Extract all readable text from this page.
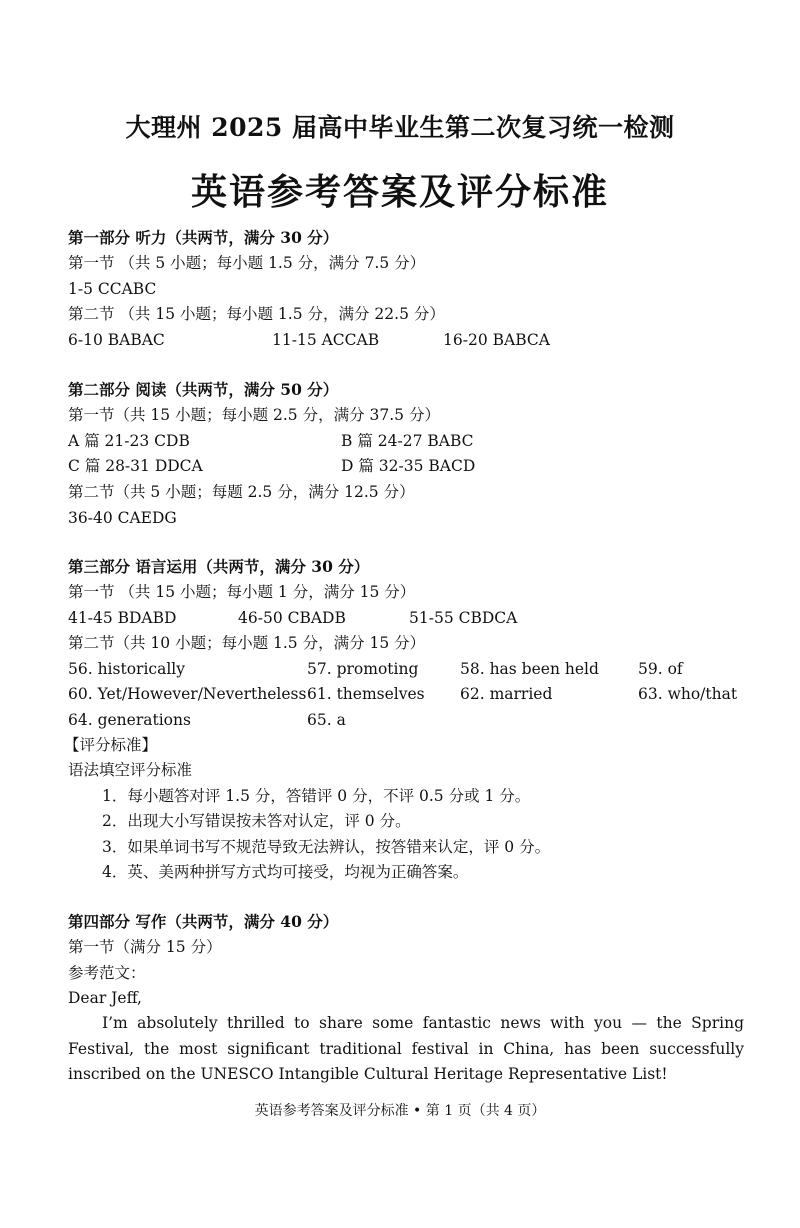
大理州 2025 届高中毕业生第二次复习统一检测
英语参考答案及评分标准
第一部分 听力（共两节，满分 30 分）
第一节 （共 5 小题；每小题 1.5 分，满分 7.5 分）
1-5 CCABC
第二节 （共 15 小题；每小题 1.5 分，满分 22.5 分）
6-10 BABAC	11-15 ACCAB	16-20 BABCA
第二部分 阅读（共两节，满分 50 分）
第一节（共 15 小题；每小题 2.5 分，满分 37.5 分）
A 篇 21-23 CDB	B 篇 24-27 BABC
C 篇 28-31 DDCA	D 篇 32-35 BACD
第二节（共 5 小题；每题 2.5 分，满分 12.5 分）
36-40 CAEDG
第三部分 语言运用（共两节，满分 30 分）
第一节 （共 15 小题；每小题 1 分，满分 15 分）
41-45 BDABD	46-50 CBADB	51-55 CBDCA
第二节（共 10 小题；每小题 1.5 分，满分 15 分）
56. historically	57. promoting	58. has been held	59. of
60. Yet/However/Nevertheless 61. themselves 62. married	63. who/that
64. generations	65. a
【评分标准】
语法填空评分标准
1．每小题答对评 1.5 分，答错评 0 分，不评 0.5 分或 1 分。
2．出现大小写错误按未答对认定，评 0 分。
3．如果单词书写不规范导致无法辨认，按答错来认定，评 0 分。
4．英、美两种拼写方式均可接受，均视为正确答案。
第四部分 写作（共两节，满分 40 分）
第一节（满分 15 分）
参考范文：
Dear Jeff,
I’m absolutely thrilled to share some fantastic news with you — the Spring Festival, the most significant traditional festival in China, has been successfully inscribed on the UNESCO Intangible Cultural Heritage Representative List!
英语参考答案及评分标准 • 第 1 页（共 4 页）
